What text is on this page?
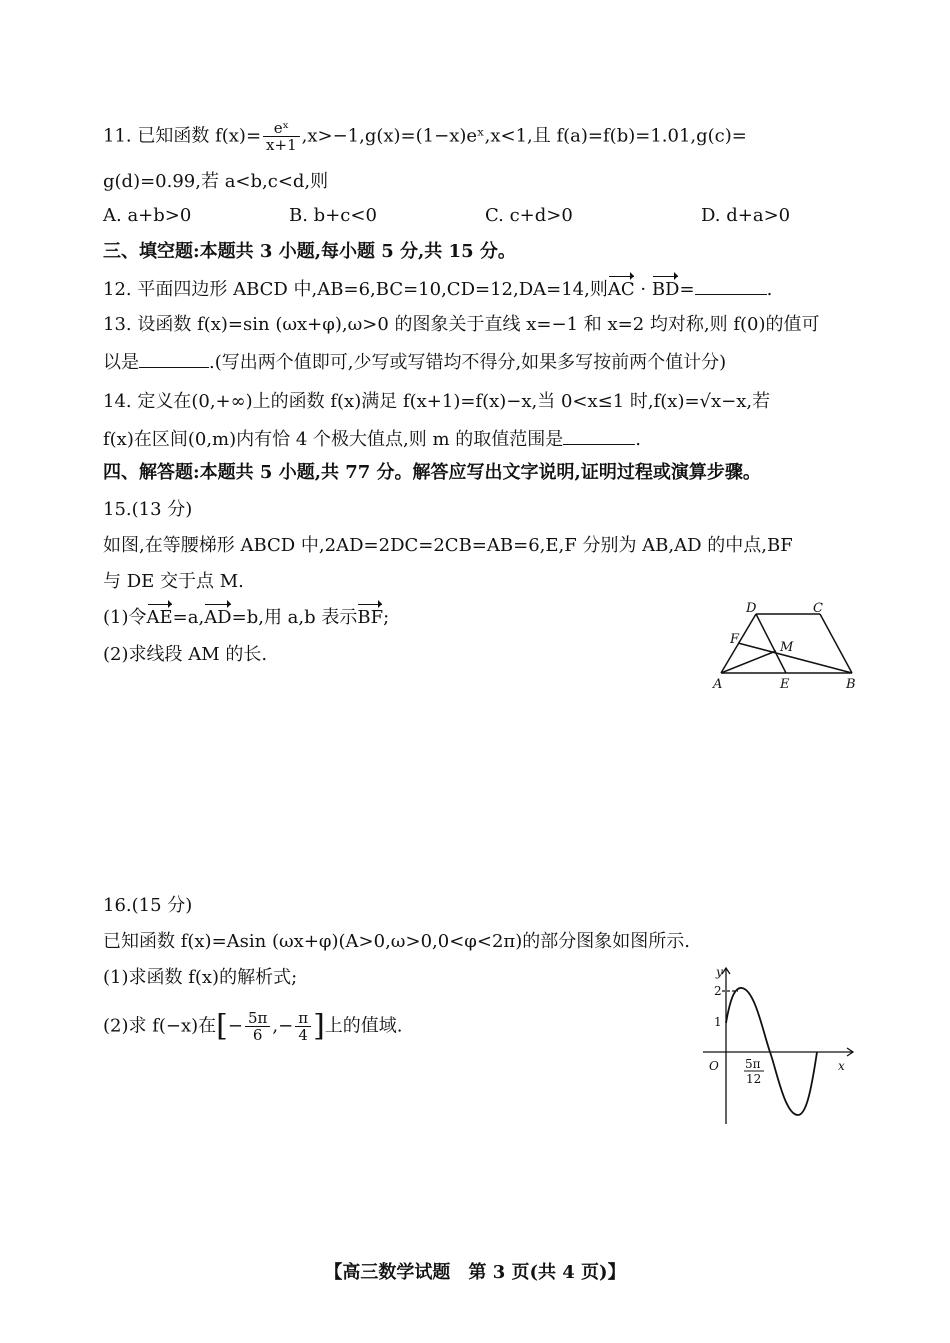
11. 已知函数 $f(x)= \frac{\text{eˣ}}{x+1}$ ,x>−1,g(x)=(1−x)eˣ,x<1,且 f(a)=f(b)=1.01,g(c)=
g(d)=0.99,若 a<b,c<d,则
A. a+b>0	B. b+c<0	C. c+d>0	D. d+a>0
三、填空题:本题共 3 小题,每小题 5 分,共 15 分。
12. 平面四边形 ABCD 中,AB=6,BC=10,CD=12,DA=14,则AC · BD=	.
13. 设函数 f(x)=sin (ωx+φ),ω>0 的图象关于直线 x=−1 和 x=2 均对称,则 f(0)的值可
以是	.(写出两个值即可,少写或写错均不得分,如果多写按前两个值计分)
14. 定义在(0,+∞)上的函数 f(x)满足 f(x+1)=f(x)−x,当 0<x≤1 时,f(x)=√x−x,若
f(x)在区间(0,m)内有恰 4 个极大值点,则 m 的取值范围是	.
四、解答题:本题共 5 小题,共 77 分。解答应写出文字说明,证明过程或演算步骤。
15.(13 分)
如图,在等腰梯形 ABCD 中,2AD=2DC=2CB=AB=6,E,F 分别为 AB,AD 的中点,BF
与 DE 交于点 M.
(1)令AE=a,AD=b,用 a,b 表示BF;
(2)求线段 AM 的长.
D	C
F
M
A	E	B
16.(15 分)
已知函数 f(x)=Asin (ωx+φ)(A>0,ω>0,0<φ<2π)的部分图象如图所示.
(1)求函数 f(x)的解析式;
(2)求 f(−x)在[− $\frac{5\pi}{6}$ ,− $\frac{\pi}{4}$ ]上的值域.
y
x
O
2
1
5π
12
【高三数学试题　第 3 页(共 4 页)】
